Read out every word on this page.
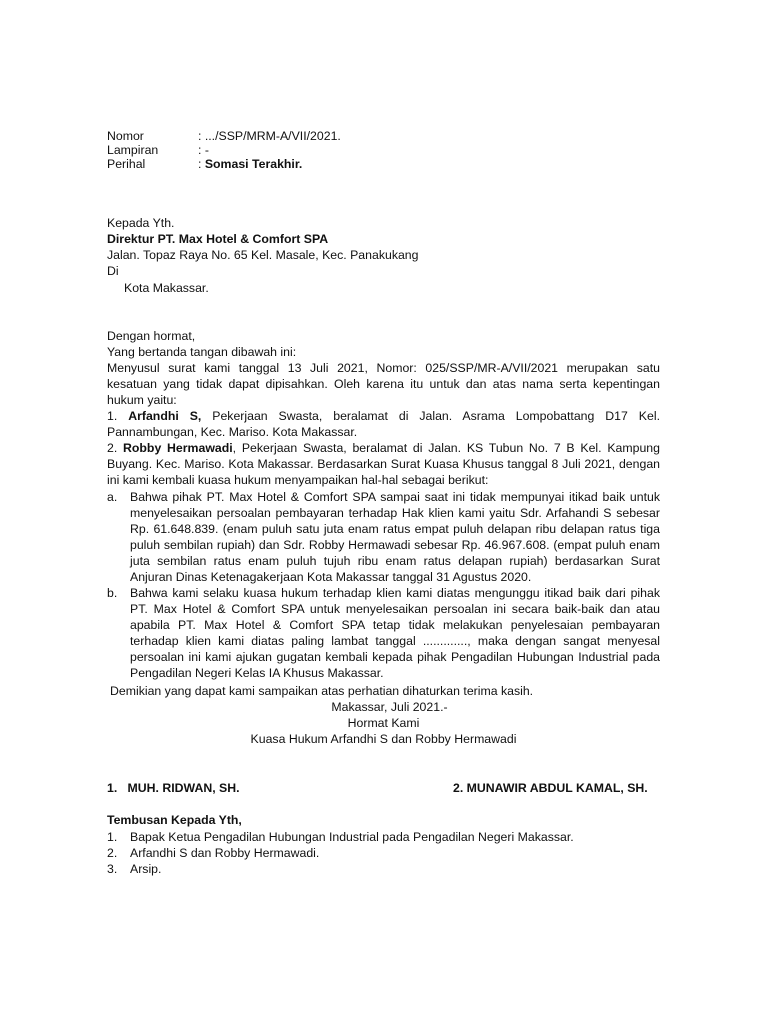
Nomor	: .../SSP/MRM-A/VII/2021.
Lampiran	: -
Perihal	: Somasi Terakhir.
Kepada Yth.
Direktur PT. Max Hotel & Comfort SPA
Jalan. Topaz Raya No. 65 Kel. Masale, Kec. Panakukang
Di
Kota Makassar.

Dengan hormat,

Yang bertanda tangan dibawah ini:

Menyusul surat kami tanggal 13 Juli 2021, Nomor: 025/SSP/MR-A/VII/2021 merupakan satu

kesatuan yang tidak dapat dipisahkan. Oleh karena itu untuk dan atas nama serta kepentingan

hukum yaitu:

1. Arfandhi S, Pekerjaan Swasta, beralamat di Jalan. Asrama Lompobattang D17 Kel.

Pannambungan, Kec. Mariso. Kota Makassar.

2. Robby Hermawadi, Pekerjaan Swasta, beralamat di Jalan. KS Tubun No. 7 B Kel. Kampung

Buyang. Kec. Mariso. Kota Makassar. Berdasarkan Surat Kuasa Khusus tanggal 8 Juli 2021, dengan

ini kami kembali kuasa hukum menyampaikan hal-hal sebagai berikut:

a. Bahwa pihak PT. Max Hotel & Comfort SPA sampai saat ini tidak mempunyai itikad baik untuk
menyelesaikan persoalan pembayaran terhadap Hak klien kami yaitu Sdr. Arfahandi S sebesar
Rp. 61.648.839. (enam puluh satu juta enam ratus empat puluh delapan ribu delapan ratus tiga
puluh sembilan rupiah) dan Sdr. Robby Hermawadi sebesar Rp. 46.967.608. (empat puluh enam
juta sembilan ratus enam puluh tujuh ribu enam ratus delapan rupiah) berdasarkan Surat
Anjuran Dinas Ketenagakerjaan Kota Makassar tanggal 31 Agustus 2020.
b. Bahwa kami selaku kuasa hukum terhadap klien kami diatas mengunggu itikad baik dari pihak
PT. Max Hotel & Comfort SPA untuk menyelesaikan persoalan ini secara baik-baik dan atau
apabila PT. Max Hotel & Comfort SPA tetap tidak melakukan penyelesaian pembayaran
terhadap klien kami diatas paling lambat tanggal ............., maka dengan sangat menyesal
persoalan ini kami ajukan gugatan kembali kepada pihak Pengadilan Hubungan Industrial pada
Pengadilan Negeri Kelas IA Khusus Makassar.
Demikian yang dapat kami sampaikan atas perhatian dihaturkan terima kasih.
Makassar, Juli 2021.-
Hormat Kami
Kuasa Hukum Arfandhi S dan Robby Hermawadi
1.   MUH. RIDWAN, SH.	2. MUNAWIR ABDUL KAMAL, SH.
Tembusan Kepada Yth,
1. Bapak Ketua Pengadilan Hubungan Industrial pada Pengadilan Negeri Makassar.
2. Arfandhi S dan Robby Hermawadi.
3. Arsip.
